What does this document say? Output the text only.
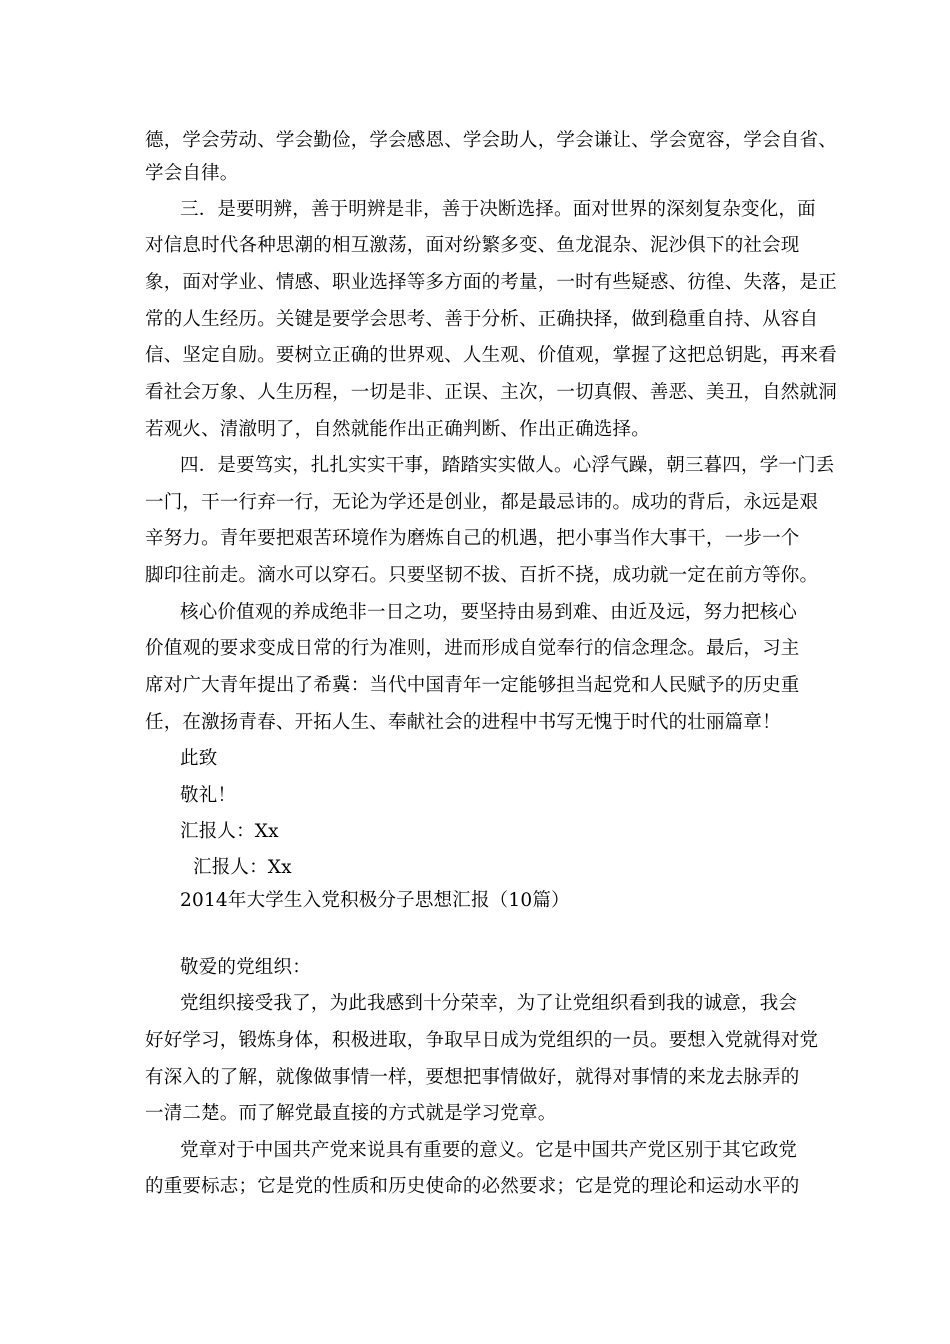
德，学会劳动、学会勤俭，学会感恩、学会助人，学会谦让、学会宽容，学会自省、
学会自律。
三．是要明辨，善于明辨是非，善于决断选择。面对世界的深刻复杂变化，面
对信息时代各种思潮的相互激荡，面对纷繁多变、鱼龙混杂、泥沙俱下的社会现
象，面对学业、情感、职业选择等多方面的考量，一时有些疑惑、彷徨、失落，是正
常的人生经历。关键是要学会思考、善于分析、正确抉择，做到稳重自持、从容自
信、坚定自励。要树立正确的世界观、人生观、价值观，掌握了这把总钥匙，再来看
看社会万象、人生历程，一切是非、正误、主次，一切真假、善恶、美丑，自然就洞
若观火、清澈明了，自然就能作出正确判断、作出正确选择。
四．是要笃实，扎扎实实干事，踏踏实实做人。心浮气躁，朝三暮四，学一门丢
一门，干一行弃一行，无论为学还是创业，都是最忌讳的。成功的背后，永远是艰
辛努力。青年要把艰苦环境作为磨炼自己的机遇，把小事当作大事干，一步一个
脚印往前走。滴水可以穿石。只要坚韧不拔、百折不挠，成功就一定在前方等你。
核心价值观的养成绝非一日之功，要坚持由易到难、由近及远，努力把核心
价值观的要求变成日常的行为准则，进而形成自觉奉行的信念理念。最后，习主
席对广大青年提出了希冀：当代中国青年一定能够担当起党和人民赋予的历史重
任，在激扬青春、开拓人生、奉献社会的进程中书写无愧于时代的壮丽篇章！
此致
敬礼！
汇报人：Xx
汇报人：Xx
2014年大学生入党积极分子思想汇报（10篇）
敬爱的党组织：
党组织接受我了，为此我感到十分荣幸，为了让党组织看到我的诚意，我会
好好学习，锻炼身体，积极进取，争取早日成为党组织的一员。要想入党就得对党
有深入的了解，就像做事情一样，要想把事情做好，就得对事情的来龙去脉弄的
一清二楚。而了解党最直接的方式就是学习党章。
党章对于中国共产党来说具有重要的意义。它是中国共产党区别于其它政党
的重要标志；它是党的性质和历史使命的必然要求；它是党的理论和运动水平的
